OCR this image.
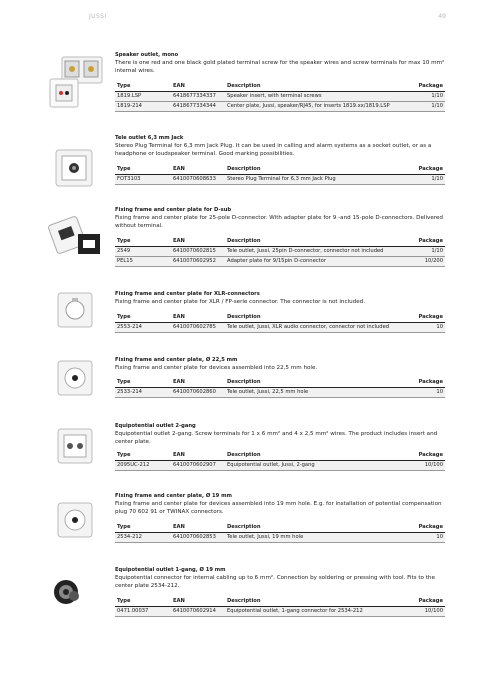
JUSSI	49
Speaker outlet, mono
There is one red and one black gold plated terminal screw for the speaker wires and screw terminals for max 10 mm² internal wires.
Type	EAN	Description	Package
1819.LSP	6418677334337	Speaker insert, with terminal screws	1/10
1819-214	6418677334344	Center plate, Jussi, speaker/RJ45, for inserts 1819.xx/1819.LSP	1/10
Tele outlet 6,3 mm Jack
Stereo Plug Terminal for 6,3 mm Jack Plug. It can be used in calling and alarm systems as a socket outlet, or as a headphone or loudspeaker terminal. Good marking possibilities.
Type	EAN	Description	Package
FOT3103	6410070608633	Stereo Plug Terminal for 6,3 mm Jack Plug	1/10
Fixing frame and center plate for D-sub
Fixing frame and center plate for 25-pole D-connector. With adapter plate for 9 -and 15-pole D-connectors. Delivered without terminal.
Type	EAN	Description	Package
2549	6410070602815	Tele outlet, Jussi, 25pin D-connector, connector not included	1/10
PEL15	6410070602952	Adapter plate for 9/15pin D-connector	10/200
Fixing frame and center plate for XLR-connectors
Fixing frame and center plate for XLR / FP-serie connector. The connector is not included.
Type	EAN	Description	Package
2553-214	6410070602785	Tele outlet, Jussi, XLR audio connector, connector not included	10
Fixing frame and center plate, Ø 22,5 mm
Fixing frame and center plate for devices assembled into 22,5 mm hole.
Type	EAN	Description	Package
2533-214	6410070602860	Tele outlet, Jussi, 22,5 mm hole	10
Equipotential outlet 2-gang
Equipotential outlet 2-gang. Screw terminals for 1 x 6 mm² and 4 x 2,5 mm² wires. The product includes insert and center plate.
Type	EAN	Description	Package
2095UC-212	6410070602907	Equipotential outlet, Jussi, 2-gang	10/100
Fixing frame and center plate, Ø 19 mm
Fixing frame and center plate for devices assembled into 19 mm hole. E.g. for installation of potential compensation plug 70 602 91 or TWINAX connectors.
Type	EAN	Description	Package
2534-212	6410070602853	Tele outlet, Jussi, 19 mm hole	10
Equipotential outlet 1-gang, Ø 19 mm
Equipotential connector for internal cabling up to 6 mm². Connection by soldering or pressing with tool. Fits to the center plate 2534-212.
Type	EAN	Description	Package
0471.00037	6410070602914	Equipotential outlet, 1-gang connector for 2534-212	10/100
